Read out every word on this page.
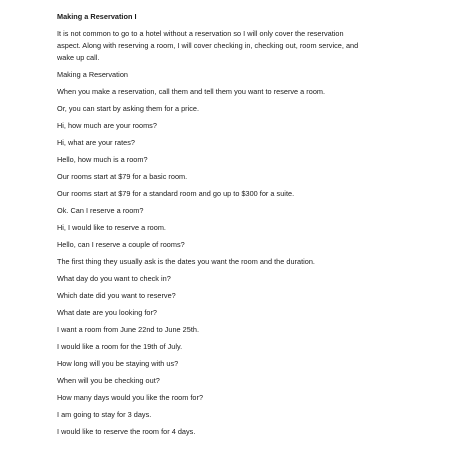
Making a Reservation I
It is not common to go to a hotel without a reservation so I will only cover the reservation
aspect. Along with reserving a room, I will cover checking in, checking out, room service, and
wake up call.
Making a Reservation
When you make a reservation, call them and tell them you want to reserve a room.
Or, you can start by asking them for a price.
Hi, how much are your rooms?
Hi, what are your rates?
Hello, how much is a room?
Our rooms start at $79 for a basic room.
Our rooms start at $79 for a standard room and go up to $300 for a suite.
Ok. Can I reserve a room?
Hi, I would like to reserve a room.
Hello, can I reserve a couple of rooms?
The first thing they usually ask is the dates you want the room and the duration.
What day do you want to check in?
Which date did you want to reserve?
What date are you looking for?
I want a room from June 22nd to June 25th.
I would like a room for the 19th of July.
How long will you be staying with us?
When will you be checking out?
How many days would you like the room for?
I am going to stay for 3 days.
I would like to reserve the room for 4 days.
